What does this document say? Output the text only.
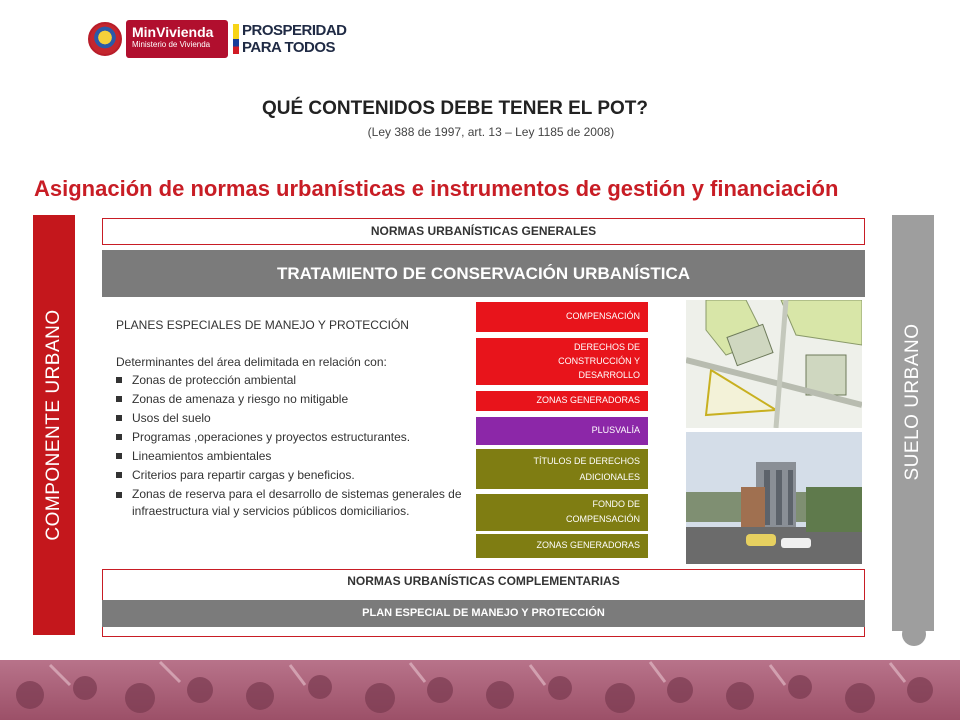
MinVivienda
Ministerio de Vivienda
PROSPERIDAD
PARA TODOS
QUÉ CONTENIDOS DEBE TENER EL POT?
(Ley 388 de 1997, art. 13 – Ley 1185 de 2008)
Asignación de normas urbanísticas e instrumentos de gestión y financiación
COMPONENTE URBANO	SUELO URBANO
NORMAS URBANÍSTICAS GENERALES
TRATAMIENTO DE CONSERVACIÓN URBANÍSTICA
PLANES ESPECIALES DE MANEJO Y PROTECCIÓN
Determinantes del área delimitada en relación con:
Zonas de protección ambiental
Zonas de amenaza y riesgo no mitigable
Usos del suelo
Programas ,operaciones y proyectos estructurantes.
Lineamientos ambientales
Criterios para repartir cargas y beneficios.
Zonas de reserva para el desarrollo de sistemas generales de infraestructura vial y servicios públicos domiciliarios.
COMPENSACIÓN
DERECHOS DE
CONSTRUCCIÓN Y
DESARROLLO
ZONAS GENERADORAS
PLUSVALÍA
TÍTULOS DE DERECHOS
ADICIONALES
FONDO DE
COMPENSACIÓN
ZONAS GENERADORAS
NORMAS URBANÍSTICAS COMPLEMENTARIAS
PLAN ESPECIAL DE MANEJO Y PROTECCIÓN
